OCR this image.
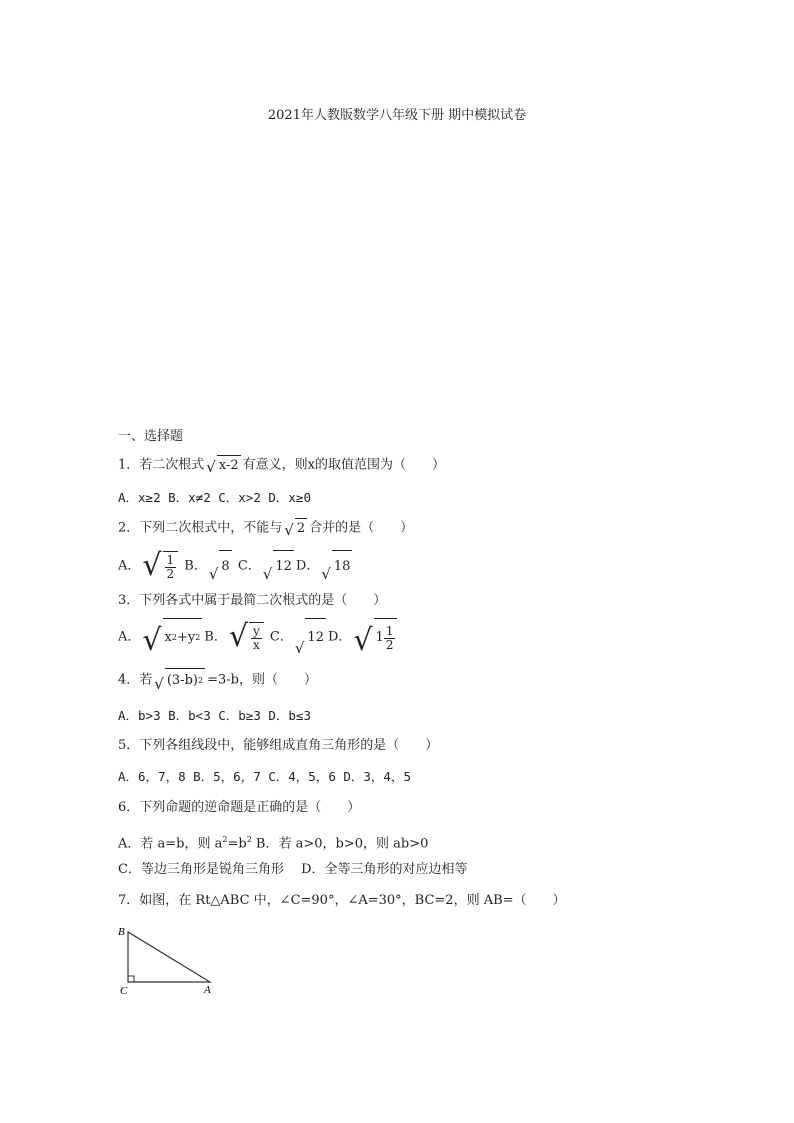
2021年人教版数学八年级下册 期中模拟试卷
一、选择题
1．若二次根式 √ x-2 有意义，则x的取值范围为（　　）
A．x≥2 B．x≠2 C．x>2 D．x≥0
2．下列二次根式中，不能与 √ 2 合并的是（　　）
A． √ $\frac{1}{2}$ B． √ 8 C． √ 12 D． √ 18
3．下列各式中属于最简二次根式的是（　　）
A． √ x 2 +y 2 B． √ $\frac{y}{x}$ C．
√
12 D． √ $1 \frac{1}{2}$
4．若 √ (3-b) 2 =3-b，则（　　）
A．b>3 B．b<3 C．b≥3 D．b≤3
5．下列各组线段中，能够组成直角三角形的是（　　）
A．6，7，8 B．5，6，7 C．4，5，6 D．3，4，5
6．下列命题的逆命题是正确的是（　　）
A．若 a=b，则 $a^2=b^2$ B．若 a>0，b>0，则 ab>0
C．等边三角形是锐角三角形　 D．全等三角形的对应边相等
7．如图，在 Rt△ABC 中，∠C=90°，∠A=30°，BC=2，则 AB=（　　）
B
C	A
